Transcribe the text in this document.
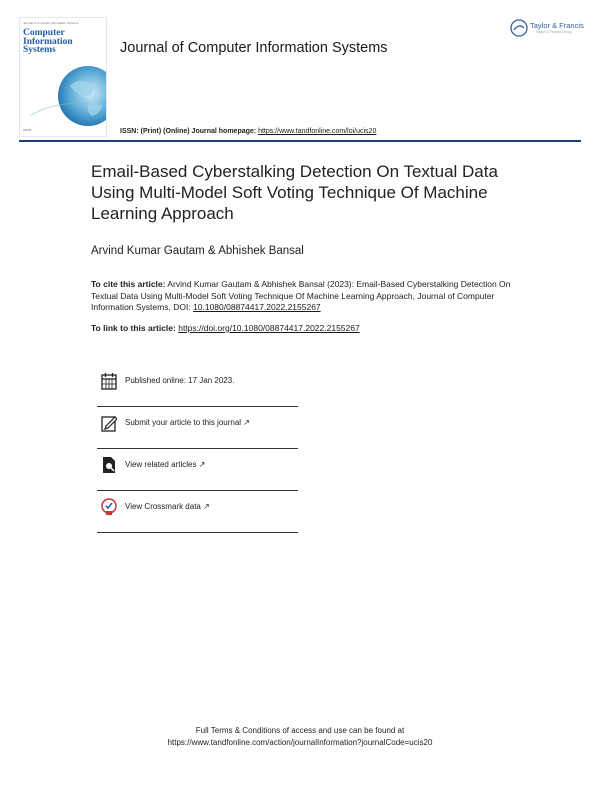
Journal of Computer Information Systems
Computer Information Systems
IACIS
Journal of Computer Information Systems
Taylor & Francis
Taylor & Francis Group
ISSN: (Print) (Online) Journal homepage: https://www.tandfonline.com/loi/ucis20
Email-Based Cyberstalking Detection On Textual Data Using Multi-Model Soft Voting Technique Of Machine Learning Approach
Arvind Kumar Gautam & Abhishek Bansal
To cite this article: Arvind Kumar Gautam & Abhishek Bansal (2023): Email-Based Cyberstalking Detection On Textual Data Using Multi-Model Soft Voting Technique Of Machine Learning Approach, Journal of Computer Information Systems, DOI: 10.1080/08874417.2022.2155267
To link to this article: https://doi.org/10.1080/08874417.2022.2155267
Published online: 17 Jan 2023.
Submit your article to this journal ↗
View related articles ↗
View Crossmark data ↗
Full Terms & Conditions of access and use can be found at
https://www.tandfonline.com/action/journalInformation?journalCode=ucis20
